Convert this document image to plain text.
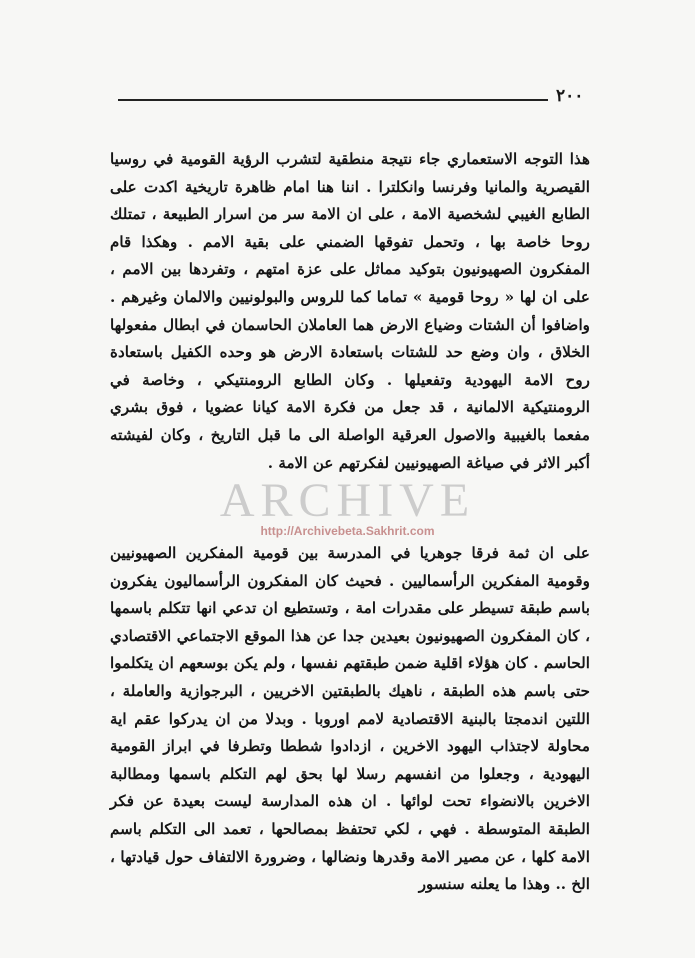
٢٠٠
ARCHIVE
http://Archivebeta.Sakhrit.com

هذا التوجه الاستعماري جاء نتيجة منطقية لتشرب الرؤية القومية في روسيا القيصرية والمانيا وفرنسا وانكلترا . اننا هنا امام ظاهرة تاريخية اكدت على الطابع الغيبي لشخصية الامة ، على ان الامة سر من اسرار الطبيعة ، تمتلك روحا خاصة بها ، وتحمل تفوقها الضمني على بقية الامم . وهكذا قام المفكرون الصهيونيون بتوكيد مماثل على عزة امتهم ، وتفردها بين الامم ، على ان لها « روحا قومية » تماما كما للروس والبولونيين والالمان وغيرهم . واضافوا أن الشتات وضياع الارض هما العاملان الحاسمان في ابطال مفعولها الخلاق ، وان وضع حد للشتات باستعادة الارض هو وحده الكفيل باستعادة روح الامة اليهودية وتفعيلها . وكان الطابع الرومنتيكي ، وخاصة في الرومنتيكية الالمانية ، قد جعل من فكرة الامة كيانا عضويا ، فوق بشري مفعما بالغيبية والاصول العرقية الواصلة الى ما قبل التاريخ ، وكان لفيشته أكبر الاثر في صياغة الصهيونيين لفكرتهم عن الامة .

على ان ثمة فرقا جوهريا في المدرسة بين قومية المفكرين الصهيونيين وقومية المفكرين الرأسماليين . فحيث كان المفكرون الرأسماليون يفكرون باسم طبقة تسيطر على مقدرات امة ، وتستطيع ان تدعي انها تتكلم باسمها ، كان المفكرون الصهيونيون بعيدين جدا عن هذا الموقع الاجتماعي الاقتصادي الحاسم . كان هؤلاء اقلية ضمن طبقتهم نفسها ، ولم يكن بوسعهم ان يتكلموا حتى باسم هذه الطبقة ، ناهيك بالطبقتين الاخريين ، البرجوازية والعاملة ، اللتين اندمجتا بالبنية الاقتصادية لامم اوروبا . وبدلا من ان يدركوا عقم اية محاولة لاجتذاب اليهود الاخرين ، ازدادوا شططا وتطرفا في ابراز القومية اليهودية ، وجعلوا من انفسهم رسلا لها بحق لهم التكلم باسمها ومطالبة الاخرين بالانضواء تحت لوائها . ان هذه المدارسة ليست بعيدة عن فكر الطبقة المتوسطة . فهي ، لكي تحتفظ بمصالحها ، تعمد الى التكلم باسم الامة كلها ، عن مصير الامة وقدرها ونضالها ، وضرورة الالتفاف حول قيادتها ، الخ .. وهذا ما يعلنه سنسور
